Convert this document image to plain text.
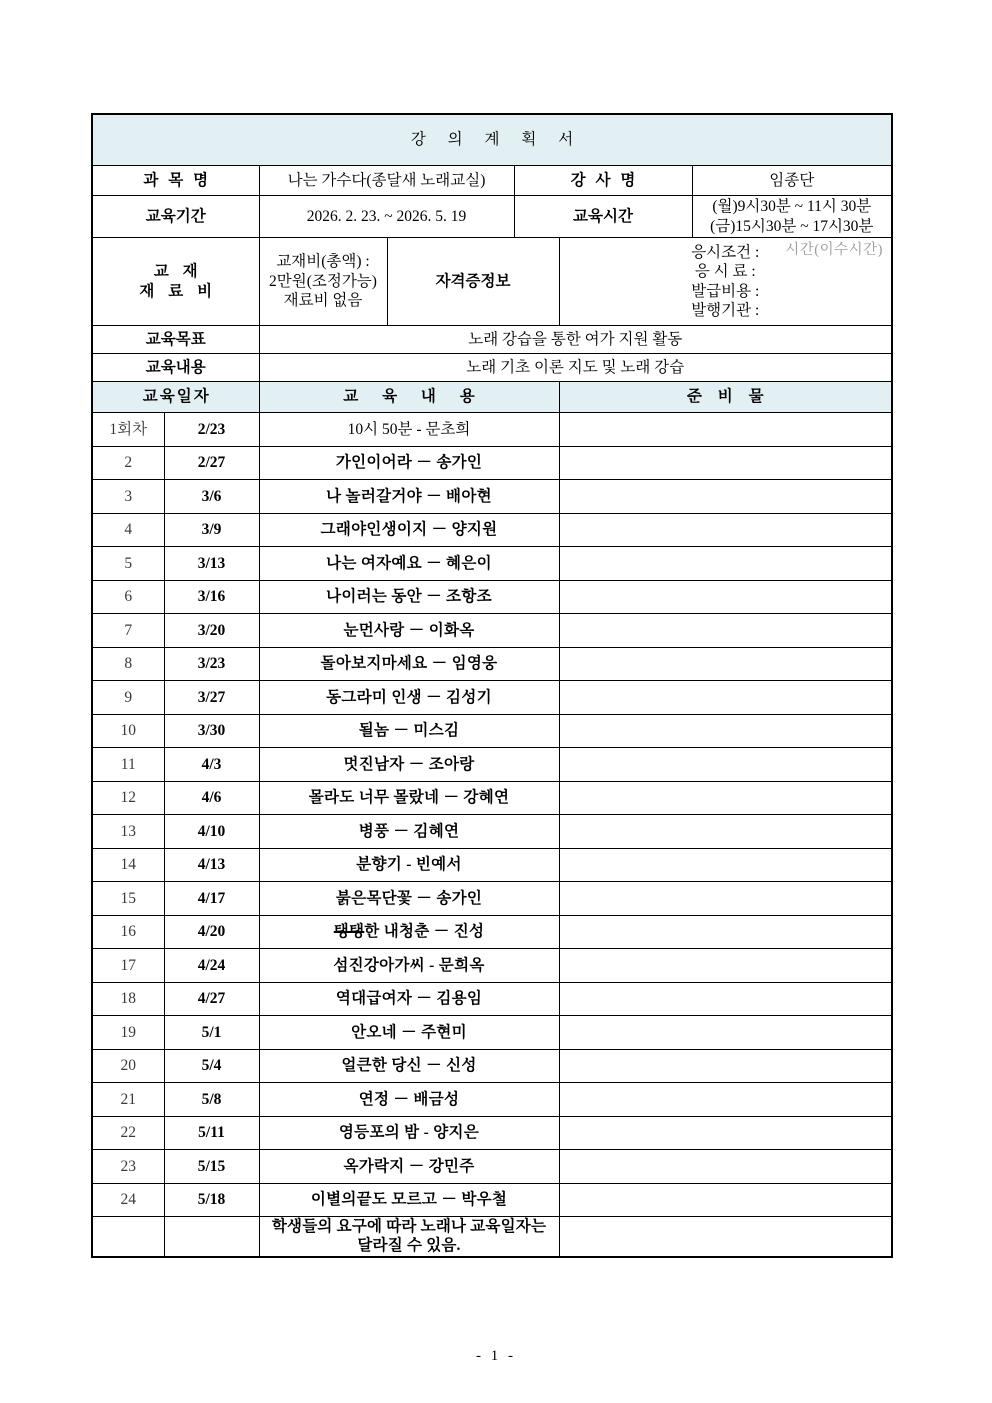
강 의 계 획 서						
과 목 명		나는 가수다(종달새 노래교실)		강 사 명		임종단
교육기간		2026. 2. 23. ~ 2026. 5. 19		교육시간		(월)9시30분 ~ 11시 30분
(금)15시30분 ~ 17시30분

교 재
재 료 비		교재비(총액) :
2만원(조정가능)
재료비 없음	자격증정보		시간(이수시간)
응시조건 :
응 시 료 :
발급비용 :
발행기관 :	

교육목표		노래 강습을 통한 여가 지원 활동				
교육내용		노래 기초 이론 지도 및 노래 강습				
교육일자		교 육 내 용			준 비 물	
1회차	2/23	10시 50분 - 문초희				
2	2/27	가인이어라 － 송가인				
3	3/6	나 놀러갈거야 － 배아현				
4	3/9	그래야인생이지 － 양지원				
5	3/13	나는 여자예요 － 혜은이				
6	3/16	나이러는 동안 － 조항조				
7	3/20	눈먼사랑 － 이화옥				
8	3/23	돌아보지마세요 － 임영웅				
9	3/27	동그라미 인생 － 김성기				
10	3/30	될놈 － 미스김				
11	4/3	멋진남자 － 조아랑				
12	4/6	몰라도 너무 몰랐네 － 강혜연				
13	4/10	병풍 － 김혜연				
14	4/13	분향기 - 빈예서				
15	4/17	붉은목단꽃 － 송가인				
16	4/20	탱탱한 내청춘 － 진성				
17	4/24	섬진강아가씨 - 문희옥				
18	4/27	역대급여자 － 김용임				
19	5/1	안오네 － 주현미				
20	5/4	얼큰한 당신 － 신성				
21	5/8	연정 － 배금성				
22	5/11	영등포의 밤 - 양지은				
23	5/15	옥가락지 － 강민주				
24	5/18	이별의끝도 모르고 － 박우철				
		학생들의 요구에 따라 노래나 교육일자는 달라질 수 있음.				
- 1 -
